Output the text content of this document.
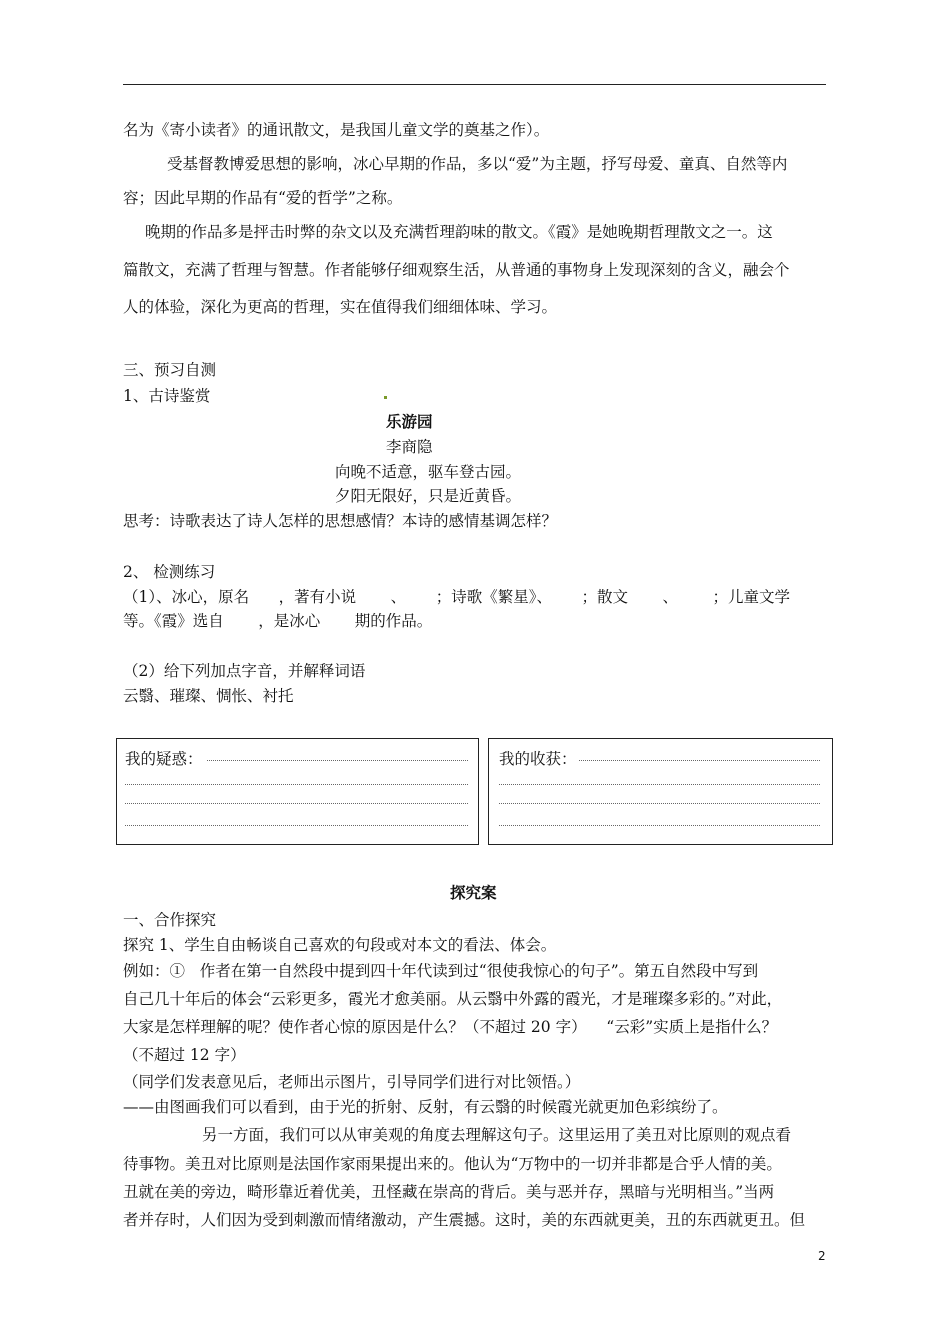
名为《寄小读者》的通讯散文，是我国儿童文学的奠基之作）。
受基督教博爱思想的影响，冰心早期的作品，多以“爱”为主题，抒写母爱、童真、自然等内
容；因此早期的作品有“爱的哲学”之称。
晚期的作品多是抨击时弊的杂文以及充满哲理韵味的散文。《霞》是她晚期哲理散文之一。这
篇散文，充满了哲理与智慧。作者能够仔细观察生活，从普通的事物身上发现深刻的含义，融会个
人的体验，深化为更高的哲理，实在值得我们细细体味、学习。
三、预习自测
1、古诗鉴赏
乐游园
李商隐
向晚不适意，驱车登古园。
夕阳无限好，只是近黄昏。
思考：诗歌表达了诗人怎样的思想感情？本诗的感情基调怎样？
2、 检测练习
（1）、冰心，原名      ，著有小说       、      ；诗歌《繁星》、      ；散文       、       ；儿童文学
等。《霞》选自       ，是冰心       期的作品。
（2）给下列加点字音，并解释词语
云翳、璀璨、惆怅、衬托
我的疑惑：	我的收获：
探究案
一、合作探究
探究 1、学生自由畅谈自己喜欢的句段或对本文的看法、体会。
例如：①   作者在第一自然段中提到四十年代读到过“很使我惊心的句子”。第五自然段中写到
自己几十年后的体会“云彩更多，霞光才愈美丽。从云翳中外露的霞光，才是璀璨多彩的。”对此，
大家是怎样理解的呢？使作者心惊的原因是什么？（不超过 20 字）    “云彩”实质上是指什么？
（不超过 12 字）
（同学们发表意见后，老师出示图片，引导同学们进行对比领悟。）
——由图画我们可以看到，由于光的折射、反射，有云翳的时候霞光就更加色彩缤纷了。
另一方面，我们可以从审美观的角度去理解这句子。这里运用了美丑对比原则的观点看
待事物。美丑对比原则是法国作家雨果提出来的。他认为“万物中的一切并非都是合乎人情的美。
丑就在美的旁边，畸形靠近着优美，丑怪藏在崇高的背后。美与恶并存，黑暗与光明相当。”当两
者并存时，人们因为受到刺激而情绪激动，产生震撼。这时，美的东西就更美，丑的东西就更丑。但
2
